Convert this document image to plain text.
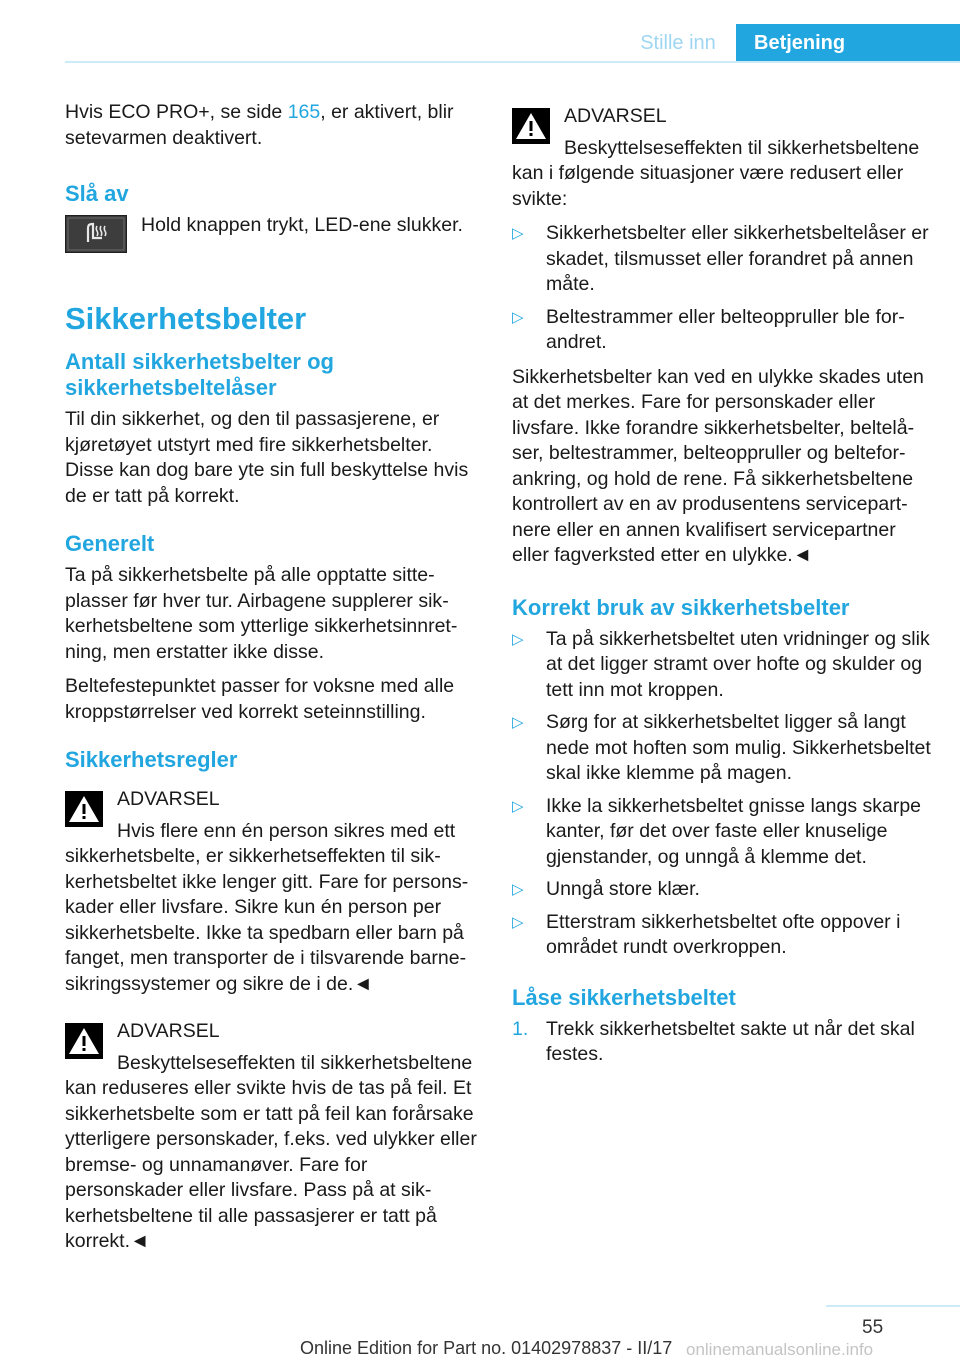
Stille inn	Betjening

Hvis ECO PRO+, se side 165, er aktivert, blir setevarmen deaktivert.

Slå av

Hold knappen trykt, LED-ene slukker.

Sikkerhetsbelter
Antall sikkerhetsbelter og sikkerhetsbeltelåser

Til din sikkerhet, og den til passasjerene, er kjøretøyet utstyrt med fire sikkerhetsbelter. Disse kan dog bare yte sin full beskyttelse hvis de er tatt på korrekt.

Generelt

Ta på sikkerhetsbelte på alle opptatte sitteplasser før hver tur. Airbagene supplerer sikkerhetsbeltene som ytterlige sikkerhetsinnretning, men erstatter ikke disse.

Beltefestepunktet passer for voksne med alle kroppstørrelser ved korrekt seteinnstilling.

Sikkerhetsregler
ADVARSEL

Hvis flere enn én person sikres med ett sikkerhetsbelte, er sikkerhetseffekten til sikkerhetsbeltet ikke lenger gitt. Fare for personskader eller livsfare. Sikre kun én person per sikkerhetsbelte. Ikke ta spedbarn eller barn på fanget, men transporter de i tilsvarende barnesikringssystemer og sikre de i de.◄

ADVARSEL

Beskyttelseseffekten til sikkerhetsbeltene kan reduseres eller svikte hvis de tas på feil. Et sikkerhetsbelte som er tatt på feil kan forårsake ytterligere personskader, f.eks. ved ulykker eller bremse- og unnamanøver. Fare for personskader eller livsfare. Pass på at sikkerhetsbeltene til alle passasjerer er tatt på korrekt.◄

ADVARSEL

Beskyttelseseffekten til sikkerhetsbeltene kan i følgende situasjoner være redusert eller svikte:

▷ Sikkerhetsbelter eller sikkerhetsbeltelåser er skadet, tilsmusset eller forandret på annen måte.
▷ Beltestrammer eller belteoppruller ble forandret.

Sikkerhetsbelter kan ved en ulykke skades uten at det merkes. Fare for personskader eller livsfare. Ikke forandre sikkerhetsbelter, beltelåser, beltestrammer, belteoppruller og belteforankring, og hold de rene. Få sikkerhetsbeltene kontrollert av en av produsentens servicepartnere eller en annen kvalifisert servicepartner eller fagverksted etter en ulykke.◄

Korrekt bruk av sikkerhetsbelter
▷ Ta på sikkerhetsbeltet uten vridninger og slik at det ligger stramt over hofte og skulder og tett inn mot kroppen.
▷ Sørg for at sikkerhetsbeltet ligger så langt nede mot hoften som mulig. Sikkerhetsbeltet skal ikke klemme på magen.
▷ Ikke la sikkerhetsbeltet gnisse langs skarpe kanter, før det over faste eller knuselige gjenstander, og unngå å klemme det.
▷ Unngå store klær.
▷ Etterstram sikkerhetsbeltet ofte oppover i området rundt overkroppen.
Låse sikkerhetsbeltet
1. Trekk sikkerhetsbeltet sakte ut når det skal festes.
55
Online Edition for Part no. 01402978837 - II/17 onlinemanualsonline.info
